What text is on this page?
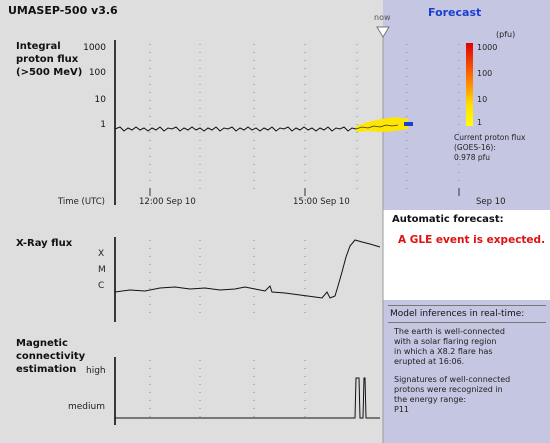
UMASEP-500 v3.6
now	Forecast
Integral
proton flux
(>500 MeV)
1000
100
10
1
Time (UTC)	12:00 Sep 10	15:00 Sep 10	Sep 10
(pfu)
1000
100
10
1
Current proton flux
(GOES-16):
0.978 pfu
X-Ray flux
X
M
C
Magnetic
connectivity
estimation high
medium
Automatic forecast:
A GLE event is expected.
Model inferences in real-time:
The earth is well-connected
with a solar flaring region
in which a X8.2 flare has
erupted at 16:06.
Signatures of well-connected
protons were recognized in
the energy range:
P11
